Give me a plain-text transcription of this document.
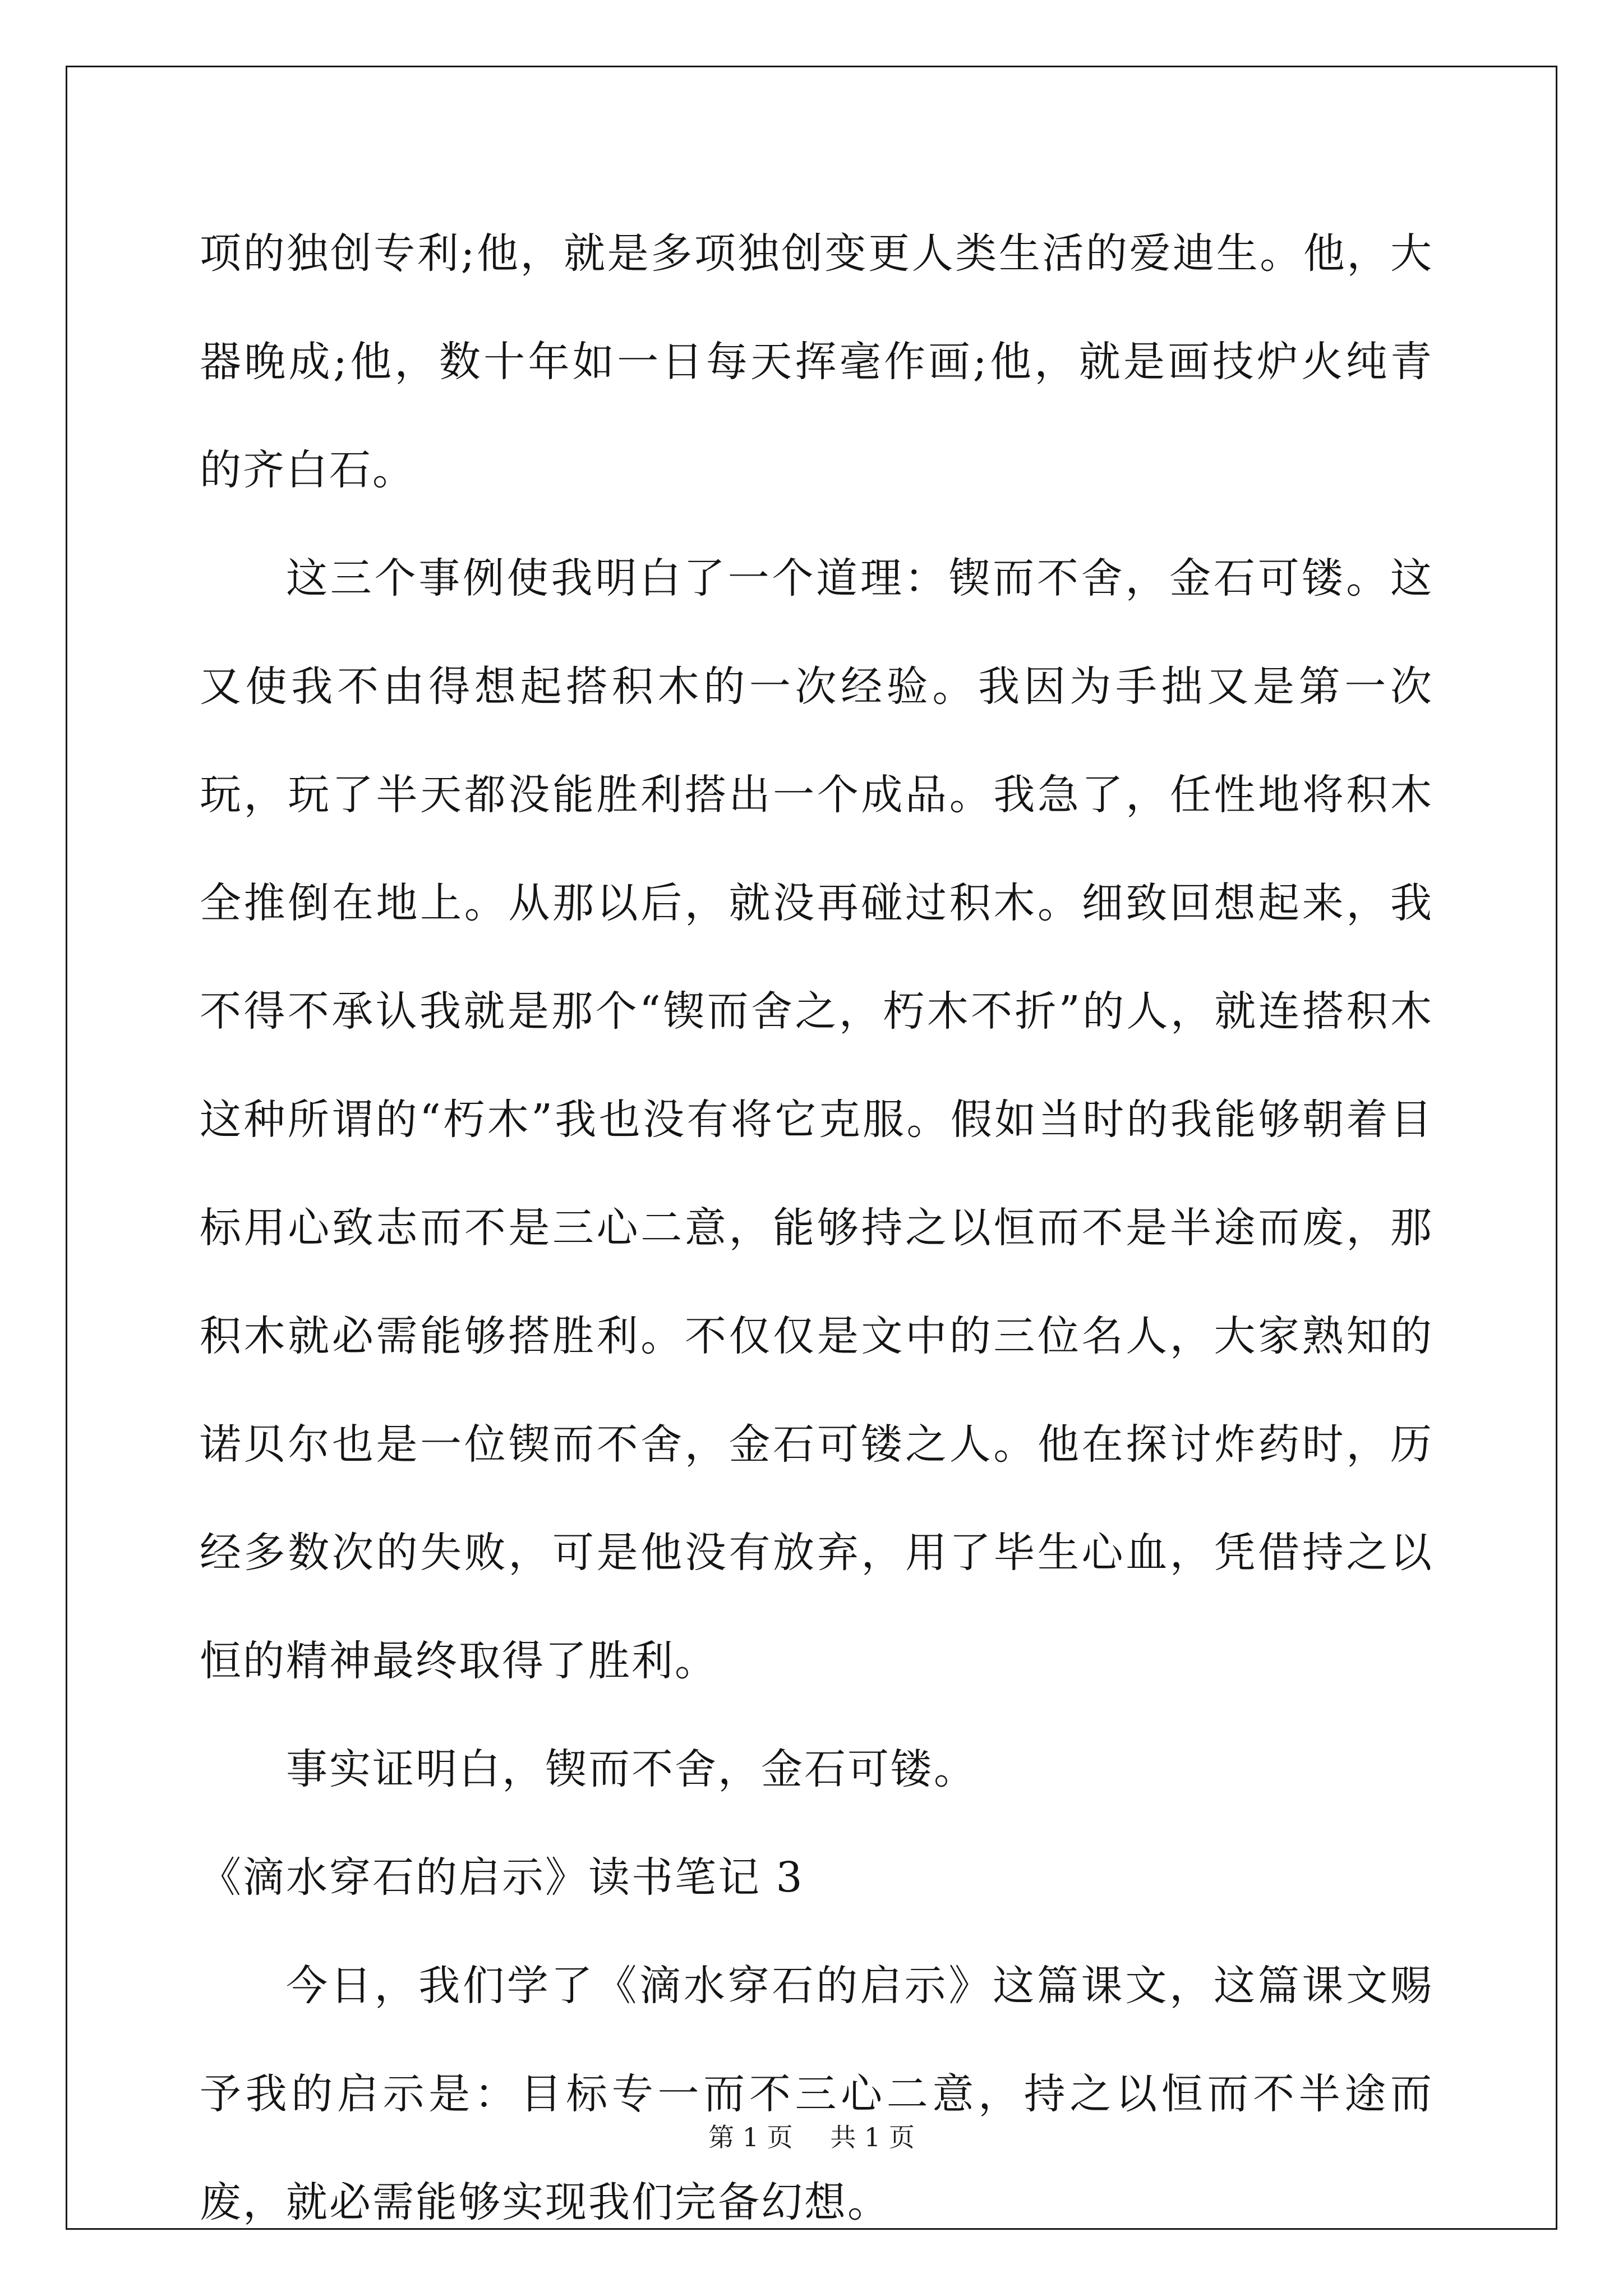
项的独创专利;他，就是多项独创变更人类生活的爱迪生。他，大器晚成;他，数十年如一日每天挥毫作画;他，就是画技炉火纯青的齐白石。

这三个事例使我明白了一个道理：锲而不舍，金石可镂。这又使我不由得想起搭积木的一次经验。我因为手拙又是第一次玩，玩了半天都没能胜利搭出一个成品。我急了，任性地将积木全推倒在地上。从那以后，就没再碰过积木。细致回想起来，我不得不承认我就是那个“锲而舍之，朽木不折”的人，就连搭积木这种所谓的“朽木”我也没有将它克服。假如当时的我能够朝着目标用心致志而不是三心二意，能够持之以恒而不是半途而废，那积木就必需能够搭胜利。不仅仅是文中的三位名人，大家熟知的诺贝尔也是一位锲而不舍，金石可镂之人。他在探讨炸药时，历经多数次的失败，可是他没有放弃，用了毕生心血，凭借持之以恒的精神最终取得了胜利。

事实证明白，锲而不舍，金石可镂。

《滴水穿石的启示》读书笔记 3

今日，我们学了《滴水穿石的启示》这篇课文，这篇课文赐予我的启示是：目标专一而不三心二意，持之以恒而不半途而废，就必需能够实现我们完备幻想。

第 1 页 共 1 页
